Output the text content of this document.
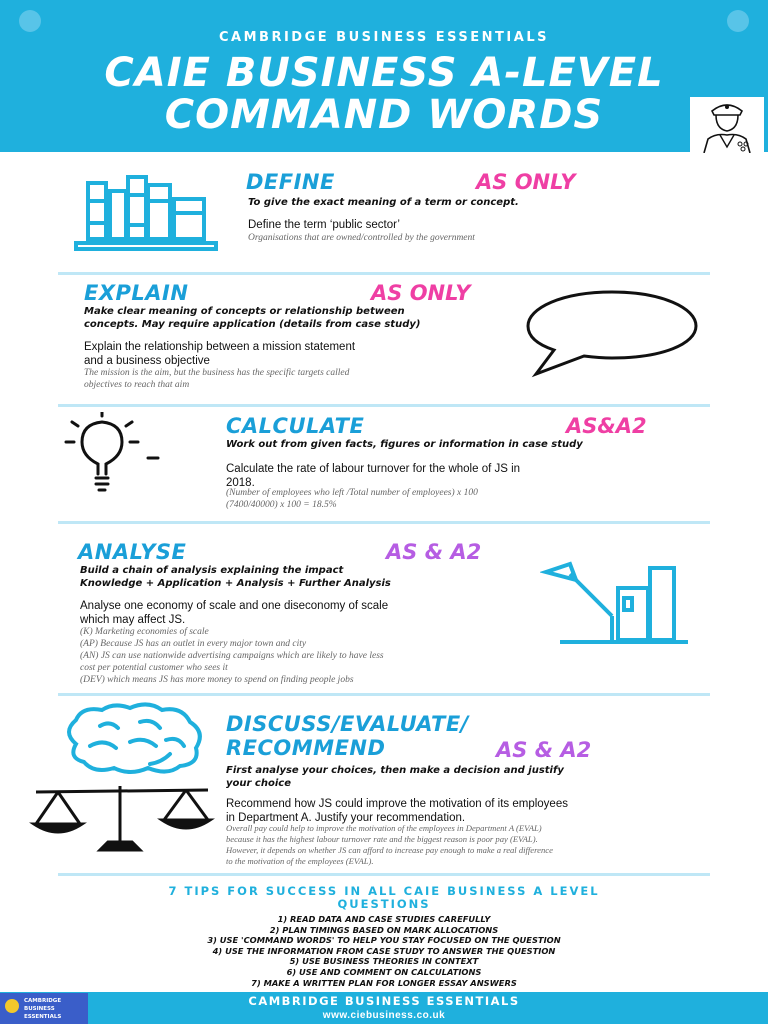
CAMBRIDGE BUSINESS ESSENTIALS
CAIE BUSINESS A-LEVEL
COMMAND WORDS
DEFINE	AS ONLY
To give the exact meaning of a term or concept.
Define the term ‘public sector’
Organisations that are owned/controlled by the government
EXPLAIN	AS ONLY
Make clear meaning of concepts or relationship between
concepts. May require application (details from case study)
Explain the relationship between a mission statement
and a business objective
The mission is the aim, but the business has the specific targets called
objectives to reach that aim
CALCULATE	AS&A2
Work out from given facts, figures or information in case study
Calculate the rate of labour turnover for the whole of JS in
2018.
(Number of employees who left /Total number of employees) x 100
(7400/40000) x 100 = 18.5%
ANALYSE	AS & A2
Build a chain of analysis explaining the impact
Knowledge + Application + Analysis + Further Analysis
Analyse one economy of scale and one diseconomy of scale
which may affect JS.
(K) Marketing economies of scale
(AP) Because JS has an outlet in every major town and city
(AN) JS can use nationwide advertising campaigns which are likely to have less
cost per potential customer who sees it
(DEV) which means JS has more money to spend on finding people jobs
DISCUSS/EVALUATE/
RECOMMEND	AS & A2
First analyse your choices, then make a decision and justify
your choice
Recommend how JS could improve the motivation of its employees
in Department A. Justify your recommendation.
Overall pay could help to improve the motivation of the employees in Department A (EVAL)
because it has the highest labour turnover rate and the biggest reason is poor pay (EVAL).
However, it depends on whether JS can afford to increase pay enough to make a real difference
to the motivation of the employees (EVAL).
7 TIPS FOR SUCCESS IN ALL CAIE BUSINESS A LEVEL
QUESTIONS
1) READ DATA AND CASE STUDIES CAREFULLY
2) PLAN TIMINGS BASED ON MARK ALLOCATIONS
3) USE 'COMMAND WORDS' TO HELP YOU STAY FOCUSED ON THE QUESTION
4) USE THE INFORMATION FROM CASE STUDY TO ANSWER THE QUESTION
5) USE BUSINESS THEORIES IN CONTEXT
6) USE AND COMMENT ON CALCULATIONS
7) MAKE A WRITTEN PLAN FOR LONGER ESSAY ANSWERS
CAMBRIDGE
BUSINESS
ESSENTIALS
CAMBRIDGE BUSINESS ESSENTIALS
www.ciebusiness.co.uk
